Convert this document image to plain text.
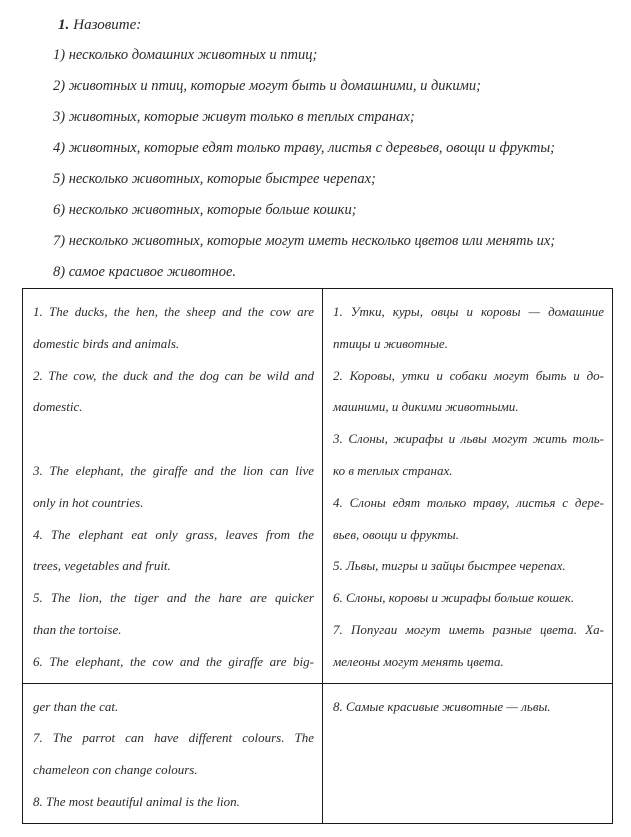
1. Назовите:
1) несколько домашних животных и птиц;
2) животных и птиц, которые могут быть и домашними, и дикими;
3) животных, которые живут только в теплых странах;
4) животных, которые едят только траву, листья с деревьев, овощи и фрукты;
5) несколько животных, которые быстрее черепах;
6) несколько животных, которые больше кошки;
7) несколько животных, которые могут иметь несколько цветов или менять их;
8) самое красивое животное.
1. The ducks, the hen, the sheep and the cow are
domestic birds and animals.
2. The cow, the duck and the dog can be wild and
domestic.
3. The elephant, the giraffe and the lion can live
only in hot countries.
4. The elephant eat only grass, leaves from the
trees, vegetables and fruit.
5. The lion, the tiger and the hare are quicker
than the tortoise.
6. The elephant, the cow and the giraffe are big-
1. Утки, куры, овцы и коровы — домашние
птицы и животные.
2. Коровы, утки и собаки могут быть и до-
машними, и дикими животными.
3. Слоны, жирафы и львы могут жить толь-
ко в теплых странах.
4. Слоны едят только траву, листья с дере-
вьев, овощи и фрукты.
5. Львы, тигры и зайцы быстрее черепах.
6. Слоны, коровы и жирафы больше кошек.
7. Попугаи могут иметь разные цвета. Ха-
мелеоны могут менять цвета.
ger than the cat.
7. The parrot can have different colours. The
chameleon con change colours.
8. The most beautiful animal is the lion.
8. Самые красивые животные — львы.
